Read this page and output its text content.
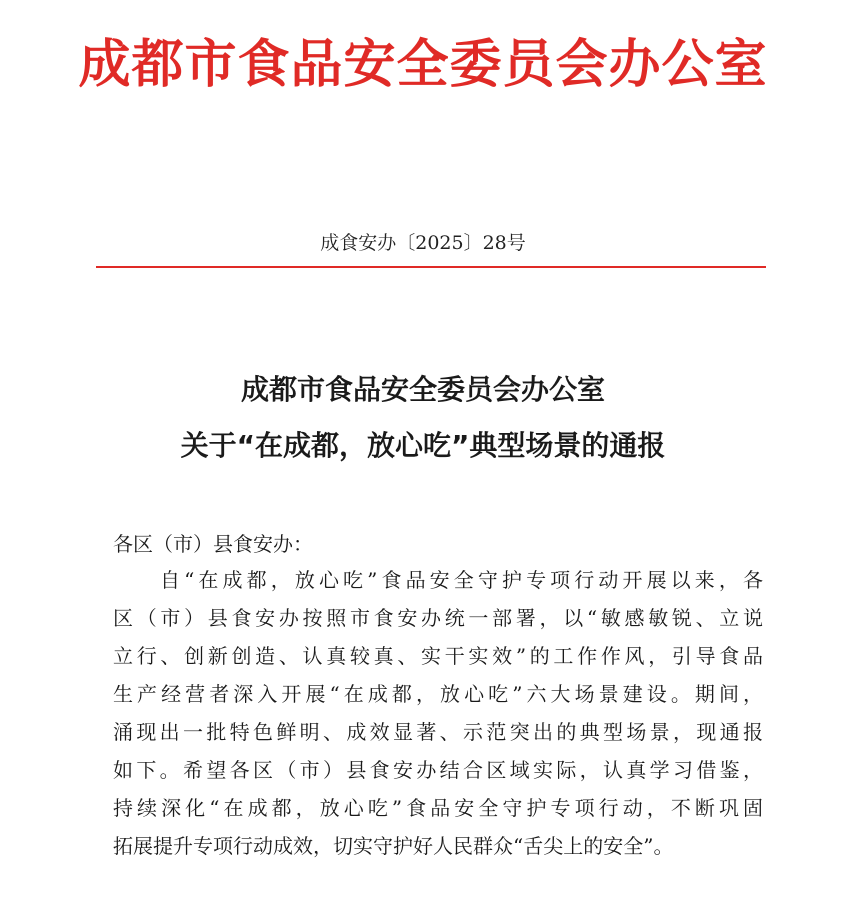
成都市食品安全委员会办公室
成食安办〔2025〕28号
成都市食品安全委员会办公室
关于“在成都，放心吃”典型场景的通报
各区（市）县食安办：
自“在成都，放心吃”食品安全守护专项行动开展以来，各
区（市）县食安办按照市食安办统一部署，以“敏感敏锐、立说
立行、创新创造、认真较真、实干实效”的工作作风，引导食品
生产经营者深入开展“在成都，放心吃”六大场景建设。期间，
涌现出一批特色鲜明、成效显著、示范突出的典型场景，现通报
如下。希望各区（市）县食安办结合区域实际，认真学习借鉴，
持续深化“在成都，放心吃”食品安全守护专项行动，不断巩固
拓展提升专项行动成效，切实守护好人民群众“舌尖上的安全”。
